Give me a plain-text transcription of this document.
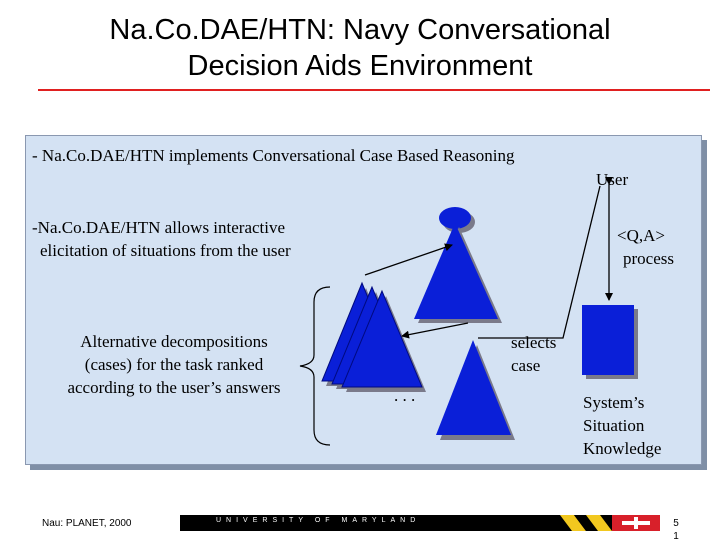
Na.Co.DAE/HTN: Navy Conversational
Decision Aids Environment
- Na.Co.DAE/HTN implements Conversational Case Based Reasoning
User
-Na.Co.DAE/HTN allows interactive
elicitation of situations from the user
<Q,A>
process
Alternative decompositions
(cases) for the task ranked
according to the user’s answers
selects
case
. . .	System’s
Situation
Knowledge
Nau: PLANET, 2000	UNIVERSITY OF MARYLAND	5
1
